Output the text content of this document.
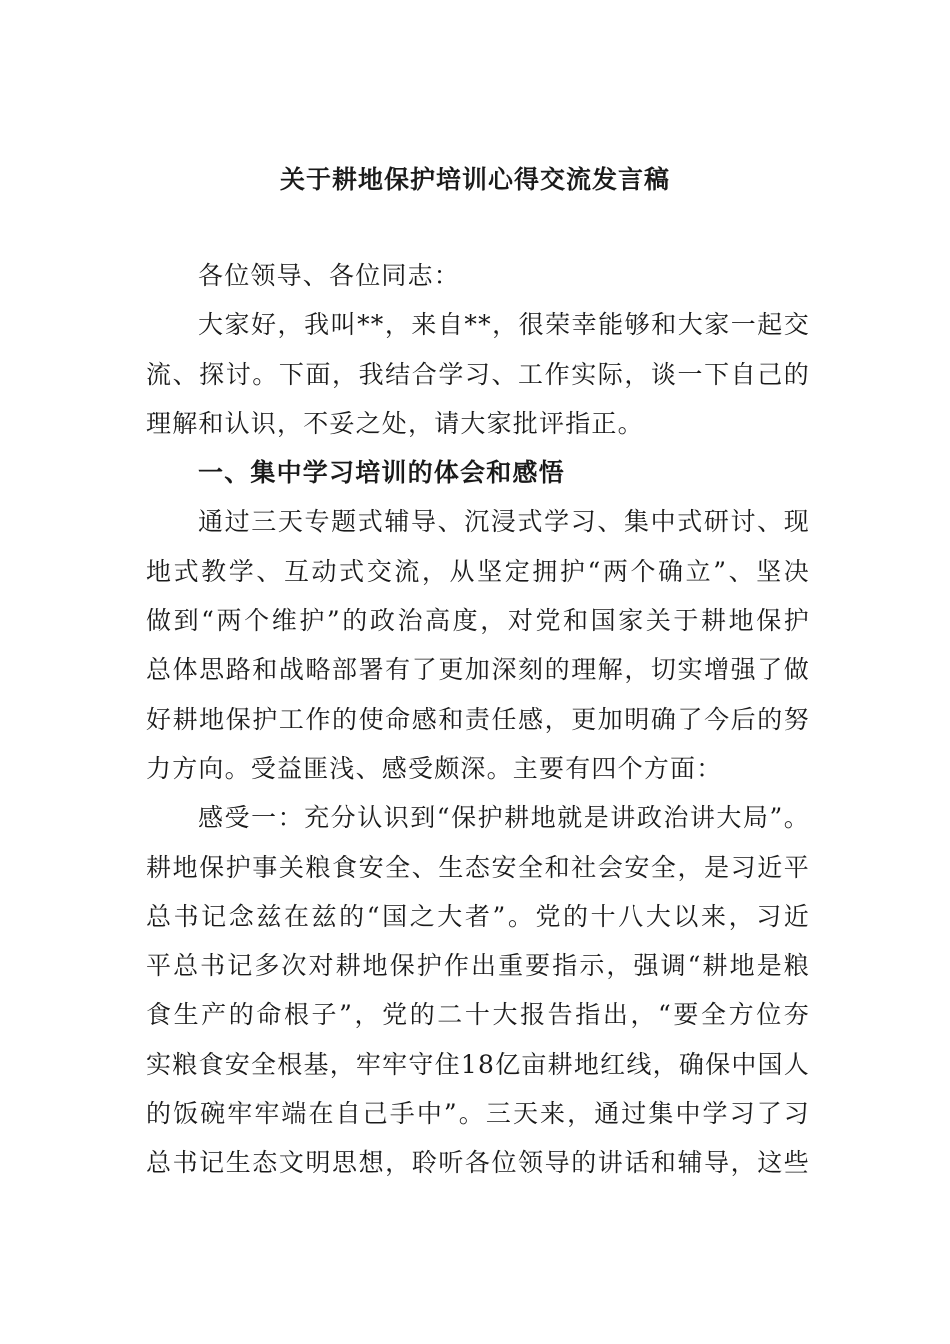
关于耕地保护培训心得交流发言稿
各位领导、各位同志：
大家好，我叫**，来自**，很荣幸能够和大家一起交
流、探讨。下面，我结合学习、工作实际，谈一下自己的
理解和认识，不妥之处，请大家批评指正。
一、集中学习培训的体会和感悟
通过三天专题式辅导、沉浸式学习、集中式研讨、现
地式教学、互动式交流，从坚定拥护“两个确立”、坚决
做到“两个维护”的政治高度，对党和国家关于耕地保护
总体思路和战略部署有了更加深刻的理解，切实增强了做
好耕地保护工作的使命感和责任感，更加明确了今后的努
力方向。受益匪浅、感受颇深。主要有四个方面：
感受一：充分认识到“保护耕地就是讲政治讲大局”。
耕地保护事关粮食安全、生态安全和社会安全，是习近平
总书记念兹在兹的“国之大者”。党的十八大以来，习近
平总书记多次对耕地保护作出重要指示，强调“耕地是粮
食生产的命根子”，党的二十大报告指出，“要全方位夯
实粮食安全根基，牢牢守住18亿亩耕地红线，确保中国人
的饭碗牢牢端在自己手中”。三天来，通过集中学习了习
总书记生态文明思想，聆听各位领导的讲话和辅导，这些
